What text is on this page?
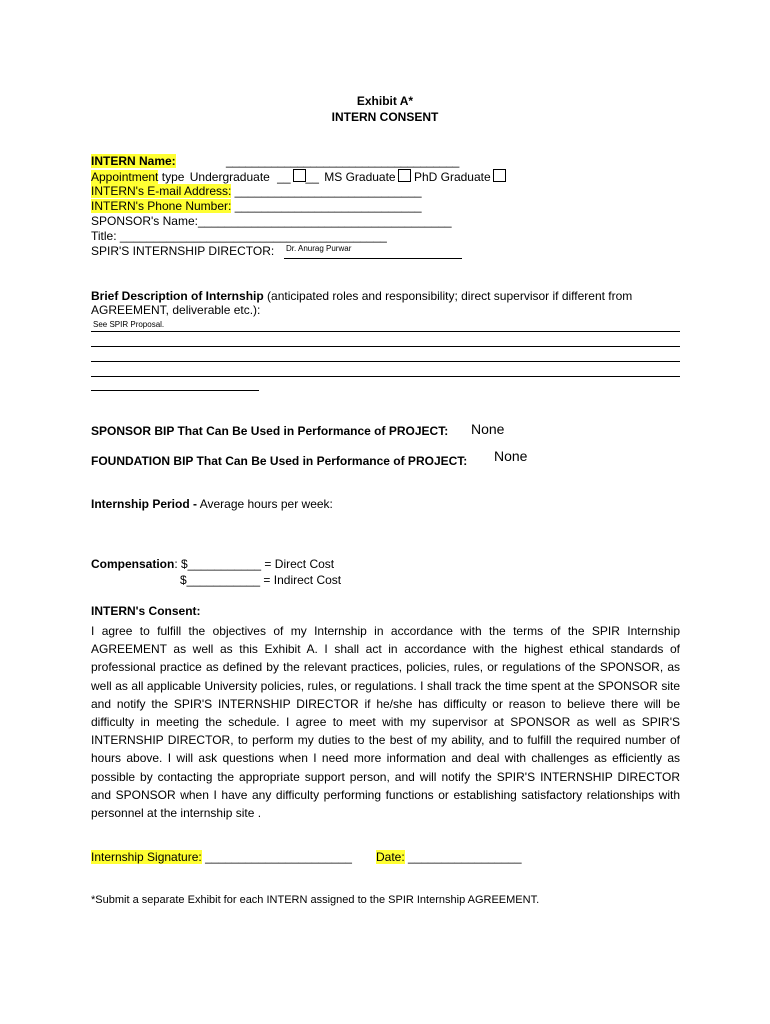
Exhibit A*
INTERN CONSENT
INTERN Name:	____________________________________
Appointment type Undergraduate __ __ MS Graduate PhD Graduate
INTERN's E-mail Address: ____________________________
INTERN's Phone Number: ____________________________
SPONSOR's Name:______________________________________
Title: ________________________________________
SPIR'S INTERNSHIP DIRECTOR: Dr. Anurag Purwar
Brief Description of Internship (anticipated roles and responsibility; direct supervisor if different from
AGREEMENT, deliverable etc.):
See SPIR Proposal.
SPONSOR BIP That Can Be Used in Performance of PROJECT: None
FOUNDATION BIP That Can Be Used in Performance of PROJECT: None
Internship Period - Average hours per week:
Compensation: $___________ = Direct Cost
$___________ = Indirect Cost
INTERN's Consent:
I agree to fulfill the objectives of my Internship in accordance with the terms of the SPIR Internship AGREEMENT as well as this Exhibit A. I shall act in accordance with the highest ethical standards of professional practice as defined by the relevant practices, policies, rules, or regulations of the SPONSOR, as well as all applicable University policies, rules, or regulations. I shall track the time spent at the SPONSOR site and notify the SPIR'S INTERNSHIP DIRECTOR if he/she has difficulty or reason to believe there will be difficulty in meeting the schedule. I agree to meet with my supervisor at SPONSOR as well as SPIR'S INTERNSHIP DIRECTOR, to perform my duties to the best of my ability, and to fulfill the required number of hours above. I will ask questions when I need more information and deal with challenges as efficiently as possible by contacting the appropriate support person, and will notify the SPIR'S INTERNSHIP DIRECTOR and SPONSOR when I have any difficulty performing functions or establishing satisfactory relationships with personnel at the internship site .
Internship Signature: ______________________ Date: _________________
*Submit a separate Exhibit for each INTERN assigned to the SPIR Internship AGREEMENT.
